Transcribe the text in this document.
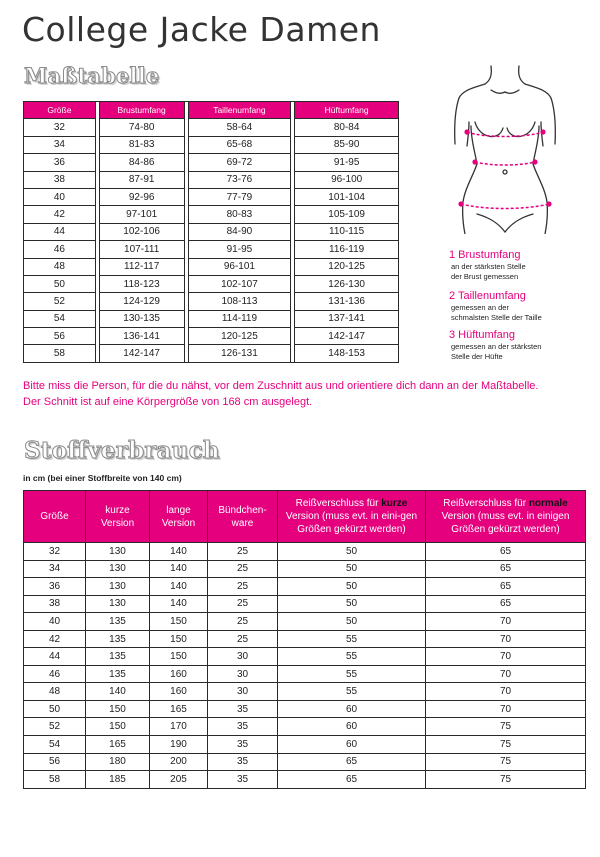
College Jacke Damen
Maßtabelle
Größe		Brustumfang		Taillenumfang		Hüftumfang
32		74-80		58-64		80-84
34		81-83		65-68		85-90
36		84-86		69-72		91-95
38		87-91		73-76		96-100
40		92-96		77-79		101-104
42		97-101		80-83		105-109
44		102-106		84-90		110-115
46		107-111		91-95		116-119
48		112-117		96-101		120-125
50		118-123		102-107		126-130
52		124-129		108-113		131-136
54		130-135		114-119		137-141
56		136-141		120-125		142-147
58		142-147		126-131		148-153
1 Brustumfang
an der stärksten Stelle
der Brust gemessen
2 Taillenumfang
gemessen an der
schmalsten Stelle der Taille
3 Hüftumfang
gemessen an der stärksten
Stelle der Hüfte
Bitte miss die Person, für die du nähst, vor dem Zuschnitt aus und orientiere dich dann an der Maßtabelle.
Der Schnitt ist auf eine Körpergröße von 168 cm ausgelegt.
Stoffverbrauch
in cm (bei einer Stoffbreite von 140 cm)
Größe	kurze Version	lange Version	Bündchen-ware	Reißverschluss für kurze Version (muss evt. in eini-gen Größen gekürzt werden)	Reißverschluss für normale Version (muss evt. in einigen Größen gekürzt werden)
32	130	140	25	50	65
34	130	140	25	50	65
36	130	140	25	50	65
38	130	140	25	50	65
40	135	150	25	50	70
42	135	150	25	55	70
44	135	150	30	55	70
46	135	160	30	55	70
48	140	160	30	55	70
50	150	165	35	60	70
52	150	170	35	60	75
54	165	190	35	60	75
56	180	200	35	65	75
58	185	205	35	65	75
